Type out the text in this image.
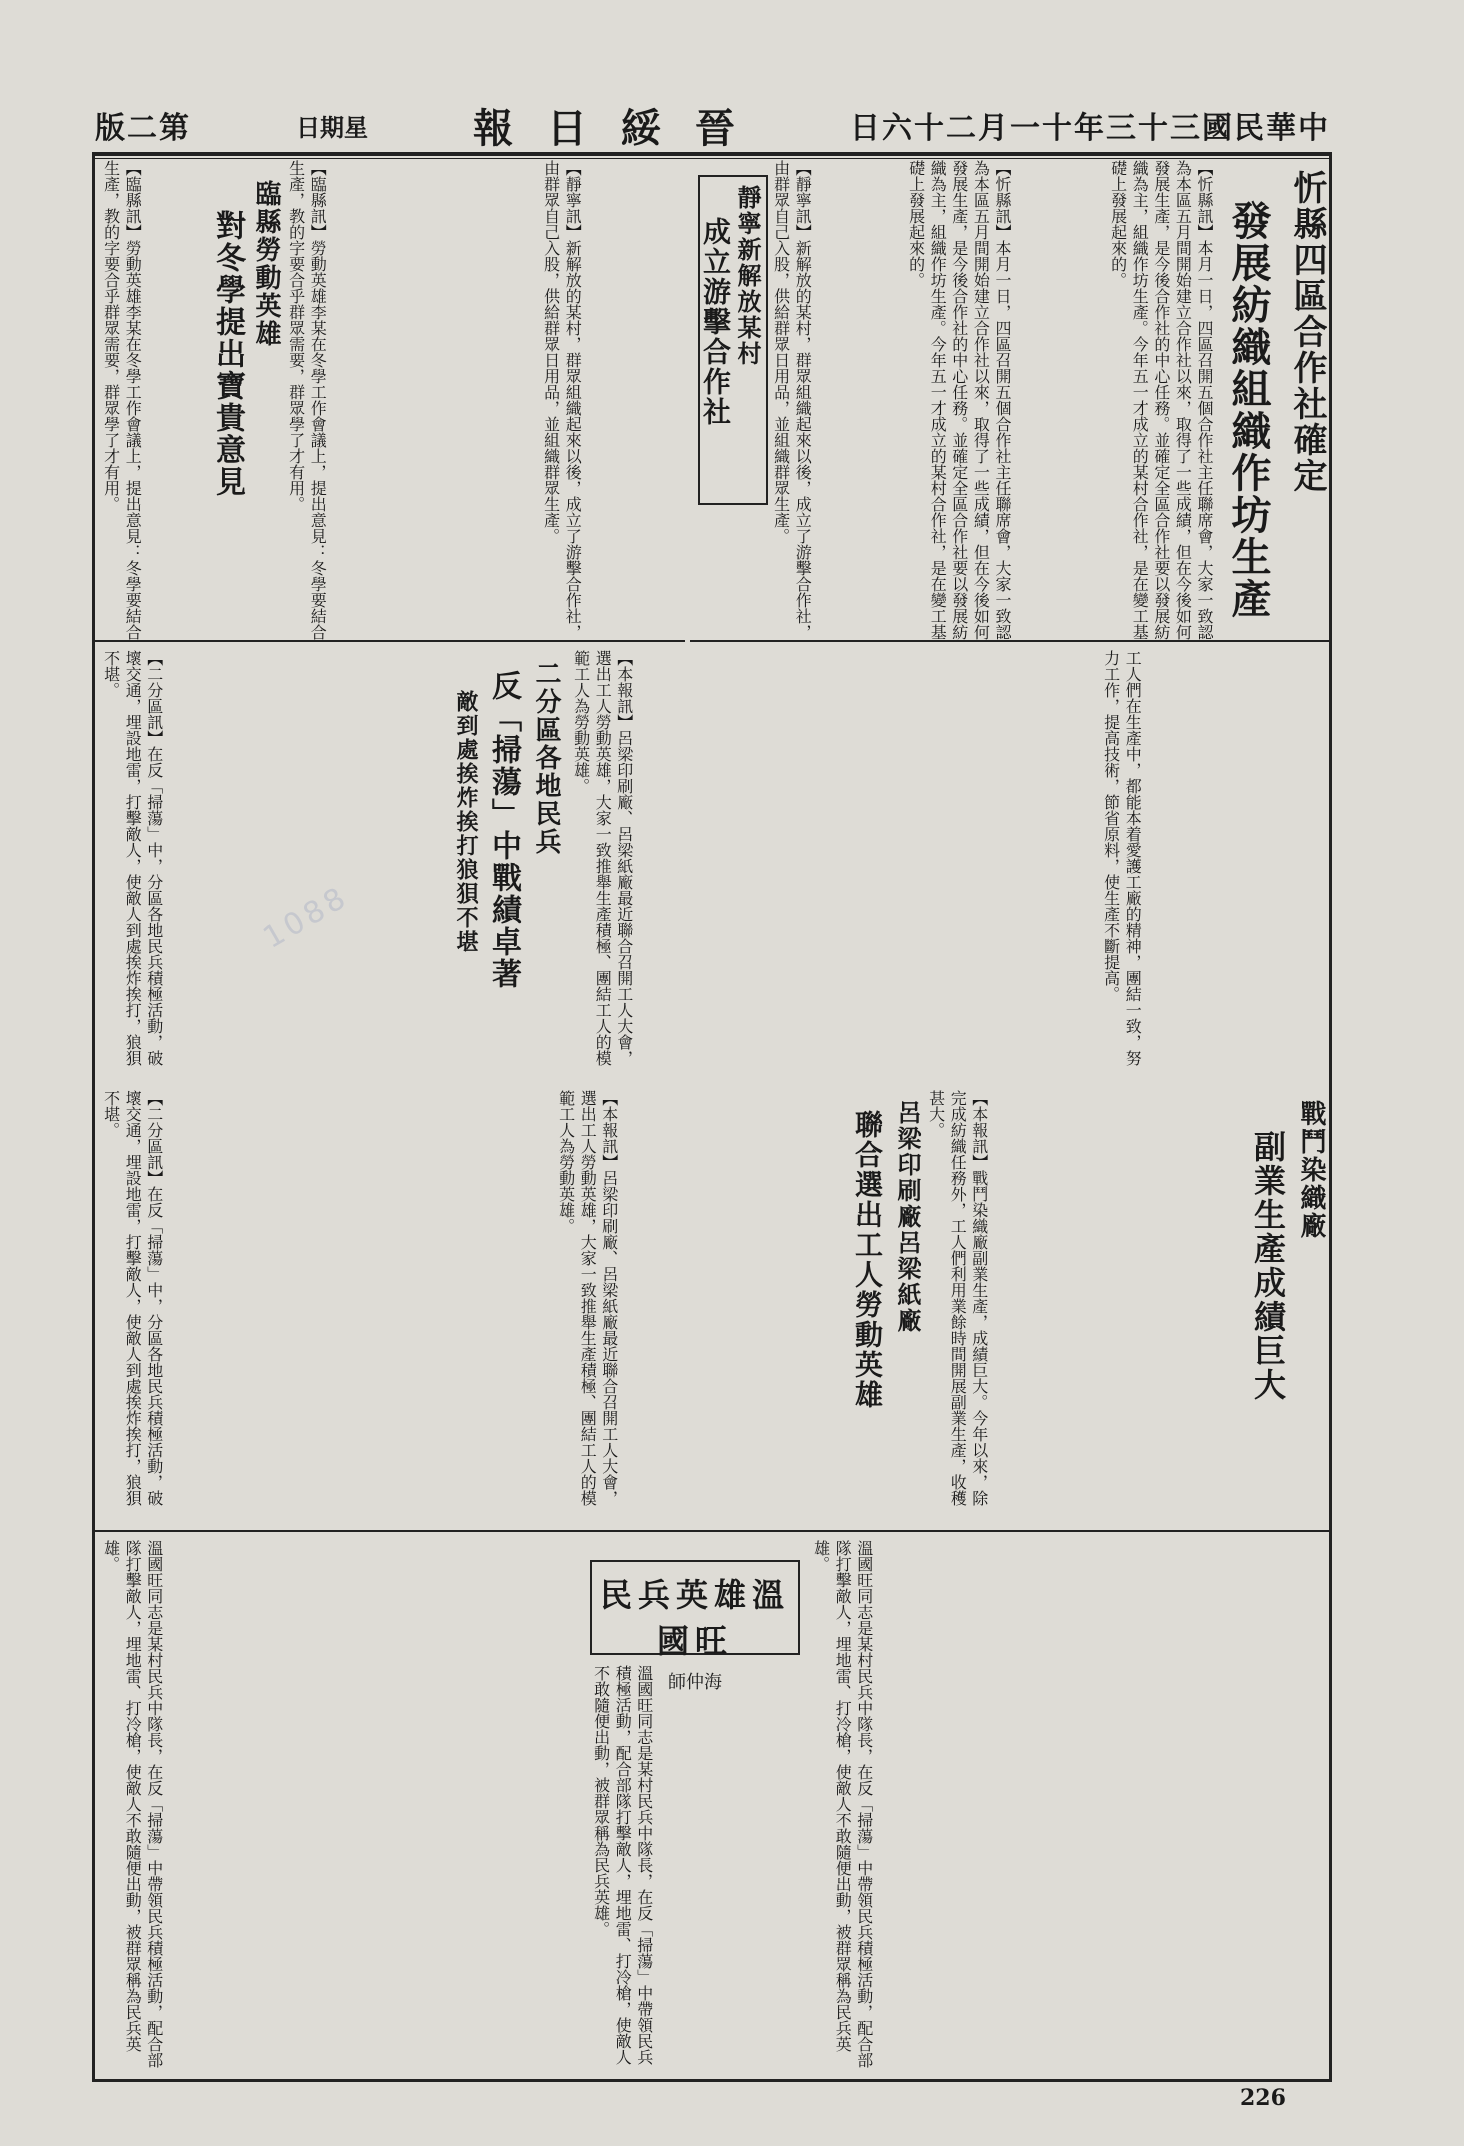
版二第	日期星	報 日 綏 晉	日六十二月一十年三十三國民華中
忻縣四區合作社確定
發展紡織組織作坊生產
【忻縣訊】本月一日，四區召開五個合作社主任聯席會，大家一致認為本區五月間開始建立合作社以來，取得了一些成績，但在今後如何發展生產，是今後合作社的中心任務。並確定全區合作社要以發展紡織為主，組織作坊生產。今年五一才成立的某村合作社，是在變工基礎上發展起來的。
【忻縣訊】本月一日，四區召開五個合作社主任聯席會，大家一致認為本區五月間開始建立合作社以來，取得了一些成績，但在今後如何發展生產，是今後合作社的中心任務。並確定全區合作社要以發展紡織為主，組織作坊生產。今年五一才成立的某村合作社，是在變工基礎上發展起來的。
靜寧新解放某村
成立游擊合作社	【靜寧訊】新解放的某村，群眾組織起來以後，成立了游擊合作社，由群眾自己入股，供給群眾日用品，並組織群眾生產。
【靜寧訊】新解放的某村，群眾組織起來以後，成立了游擊合作社，由群眾自己入股，供給群眾日用品，並組織群眾生產。
臨縣勞動英雄
對冬學提出寶貴意見	【臨縣訊】勞動英雄李某在冬學工作會議上，提出意見：冬學要結合生產，教的字要合乎群眾需要，群眾學了才有用。
【臨縣訊】勞動英雄李某在冬學工作會議上，提出意見：冬學要結合生產，教的字要合乎群眾需要，群眾學了才有用。
二分區各地民兵
反「掃蕩」中戰績卓著
敵到處挨炸挨打狼狽不堪
【二分區訊】在反「掃蕩」中，分區各地民兵積極活動，破壞交通，埋設地雷，打擊敵人，使敵人到處挨炸挨打，狼狽不堪。
【二分區訊】在反「掃蕩」中，分區各地民兵積極活動，破壞交通，埋設地雷，打擊敵人，使敵人到處挨炸挨打，狼狽不堪。	呂梁印刷廠呂梁紙廠
聯合選出工人勞動英雄
【本報訊】呂梁印刷廠、呂梁紙廠最近聯合召開工人大會，選出工人勞動英雄，大家一致推舉生產積極、團結工人的模範工人為勞動英雄。
【本報訊】呂梁印刷廠、呂梁紙廠最近聯合召開工人大會，選出工人勞動英雄，大家一致推舉生產積極、團結工人的模範工人為勞動英雄。
戰鬥染織廠
副業生產成績巨大
【本報訊】戰鬥染織廠副業生產，成績巨大。今年以來，除完成紡織任務外，工人們利用業餘時間開展副業生產，收穫甚大。
工人們在生產中，都能本着愛護工廠的精神，團結一致，努力工作，提高技術，節省原料，使生產不斷提高。
民兵英雄溫國旺
師仲海	溫國旺同志是某村民兵中隊長，在反「掃蕩」中帶領民兵積極活動，配合部隊打擊敵人，埋地雷、打冷槍，使敵人不敢隨便出動，被群眾稱為民兵英雄。
溫國旺同志是某村民兵中隊長，在反「掃蕩」中帶領民兵積極活動，配合部隊打擊敵人，埋地雷、打冷槍，使敵人不敢隨便出動，被群眾稱為民兵英雄。
溫國旺同志是某村民兵中隊長，在反「掃蕩」中帶領民兵積極活動，配合部隊打擊敵人，埋地雷、打冷槍，使敵人不敢隨便出動，被群眾稱為民兵英雄。
226
1088
